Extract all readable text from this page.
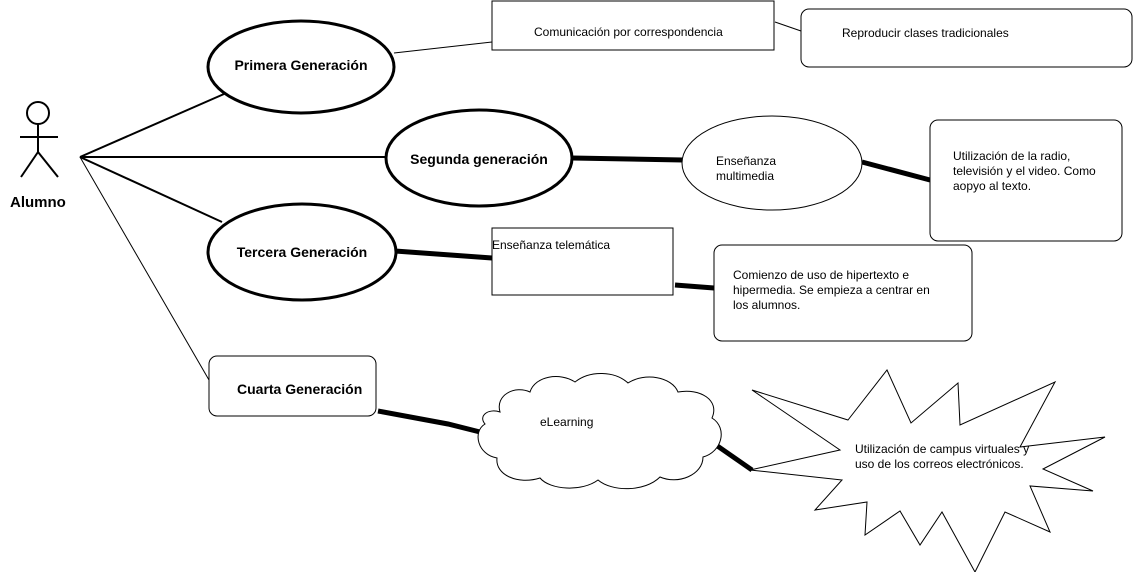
Alumno
Primera Generación
Segunda generación
Tercera Generación
Cuarta Generación
Comunicación por correspondencia	Reproducir clases tradicionales
Enseñanza multimedia
Utilización de la radio, televisión y el video. Como aopyo al texto.
Enseñanza telemática
Comienzo de uso de hipertexto e hipermedia. Se empieza a centrar en los alumnos.
eLearning
Utilización de campus virtuales y uso de los correos electrónicos.
